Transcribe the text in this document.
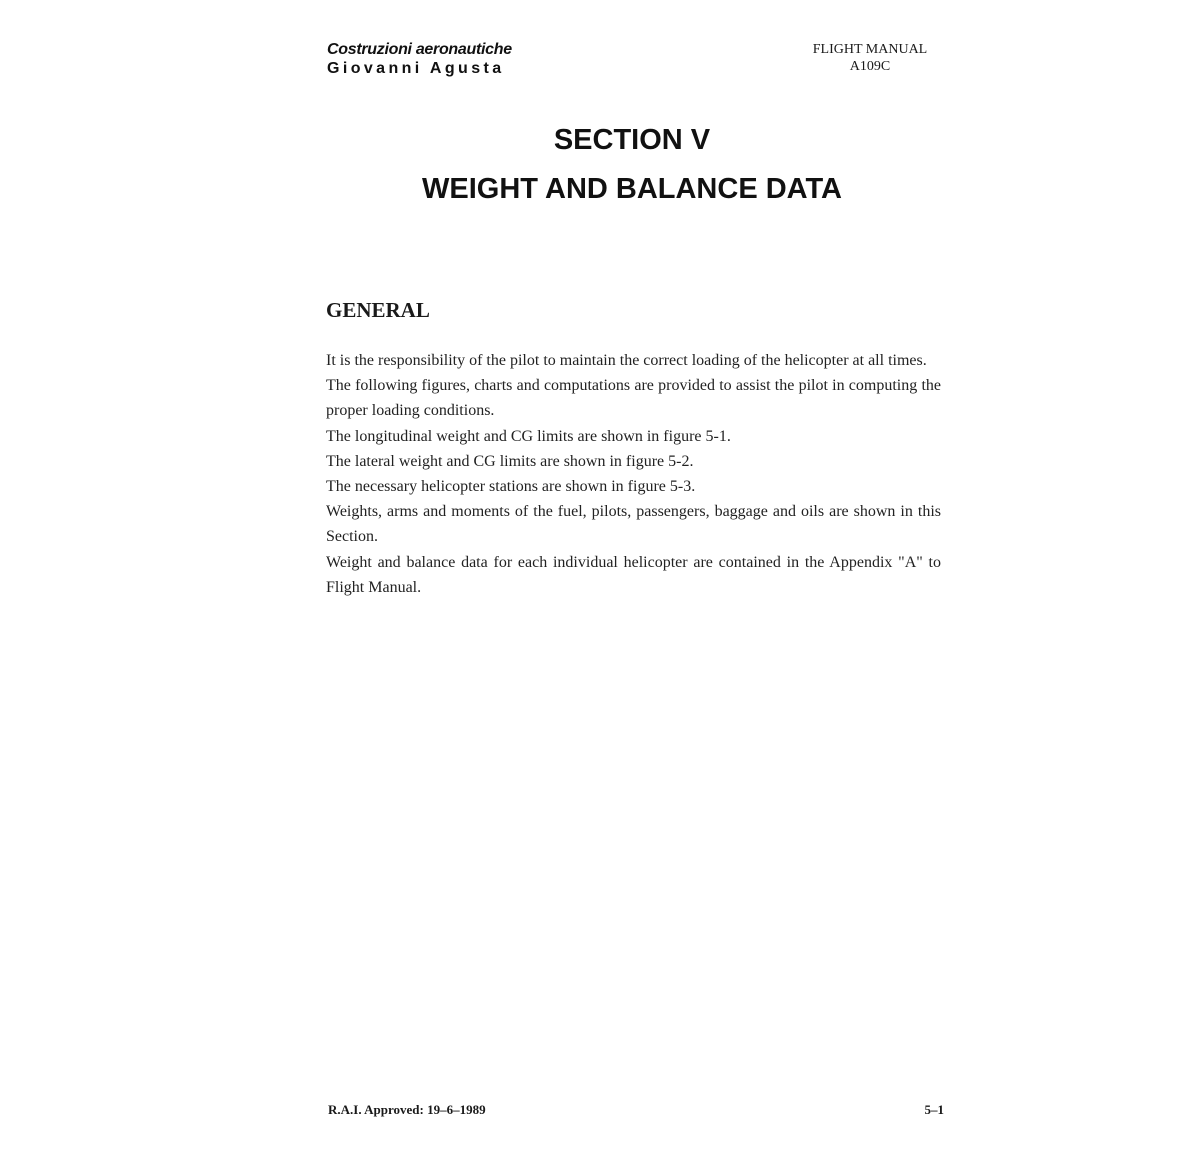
Costruzioni aeronautiche
Giovanni Agusta
FLIGHT MANUAL
A109C
SECTION V
WEIGHT AND BALANCE DATA
GENERAL

It is the responsibility of the pilot to maintain the correct loading of the helicopter at all times.

The following figures, charts and computations are provided to assist the pilot in computing the proper loading conditions.

The longitudinal weight and CG limits are shown in figure 5-1.

The lateral weight and CG limits are shown in figure 5-2.

The necessary helicopter stations are shown in figure 5-3.

Weights, arms and moments of the fuel, pilots, passengers, baggage and oils are shown in this Section.

Weight and balance data for each individual helicopter are contained in the Appendix "A" to Flight Manual.

R.A.I. Approved: 19–6–1989	5–1
